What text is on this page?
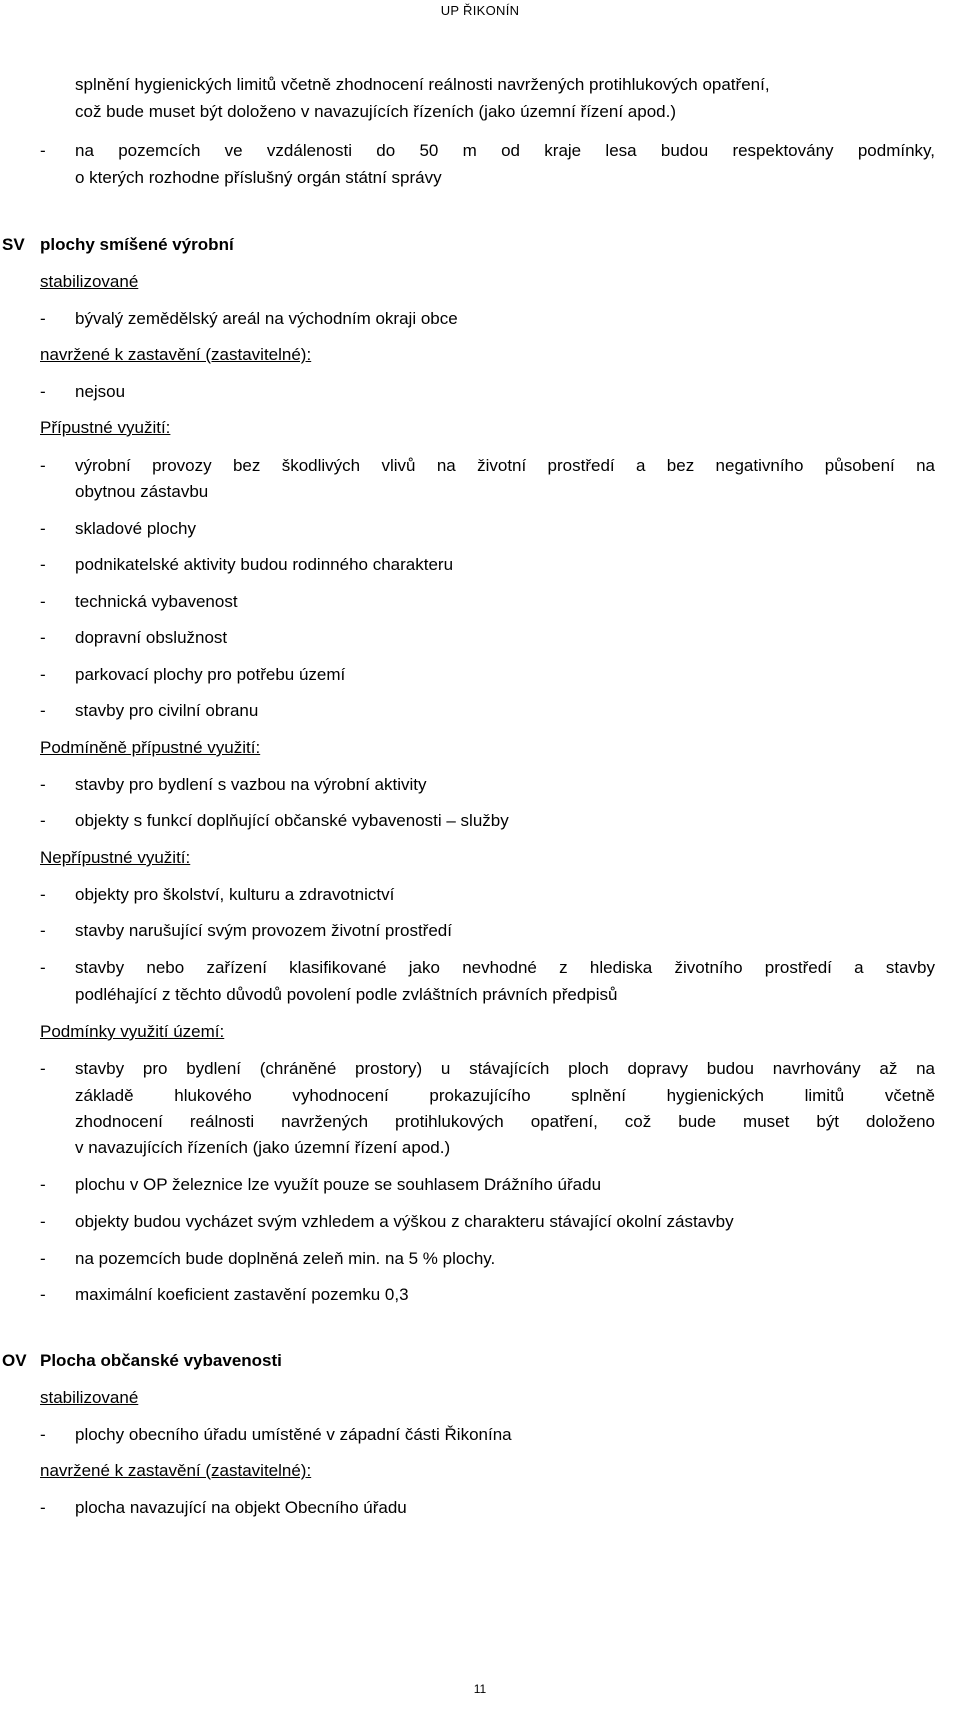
UP ŘIKONÍN
splnění hygienických limitů včetně zhodnocení reálnosti navržených protihlukových opatření,
což bude muset být doloženo v navazujících řízeních (jako územní řízení apod.)
- na pozemcích ve vzdálenosti do 50 m od kraje lesa budou respektovány podmínky,
o kterých rozhodne příslušný orgán státní správy
SV plochy smíšené výrobní
stabilizované
- bývalý zemědělský areál na východním okraji obce
navržené k zastavění (zastavitelné):
- nejsou
Přípustné využití:
- výrobní provozy bez škodlivých vlivů na životní prostředí a bez negativního působení na
obytnou zástavbu
- skladové plochy
- podnikatelské aktivity budou rodinného charakteru
- technická vybavenost
- dopravní obslužnost
- parkovací plochy pro potřebu území
- stavby pro civilní obranu
Podmíněně přípustné využití:
- stavby pro bydlení s vazbou na výrobní aktivity
- objekty s funkcí doplňující občanské vybavenosti – služby
Nepřípustné využití:
- objekty pro školství, kulturu a zdravotnictví
- stavby narušující svým provozem životní prostředí
- stavby nebo zařízení klasifikované jako nevhodné z hlediska životního prostředí a stavby
podléhající z těchto důvodů povolení podle zvláštních právních předpisů
Podmínky využití území:
- stavby pro bydlení (chráněné prostory) u stávajících ploch dopravy budou navrhovány až na
základě hlukového vyhodnocení prokazujícího splnění hygienických limitů včetně
zhodnocení reálnosti navržených protihlukových opatření, což bude muset být doloženo
v navazujících řízeních (jako územní řízení apod.)
- plochu v OP železnice lze využít pouze se souhlasem Drážního úřadu
- objekty budou vycházet svým vzhledem a výškou z charakteru stávající okolní zástavby
- na pozemcích bude doplněná zeleň min. na 5 % plochy.
- maximální koeficient zastavění pozemku 0,3
OV Plocha občanské vybavenosti
stabilizované
- plochy obecního úřadu umístěné v západní části Řikonína
navržené k zastavění (zastavitelné):
- plocha navazující na objekt Obecního úřadu
11
